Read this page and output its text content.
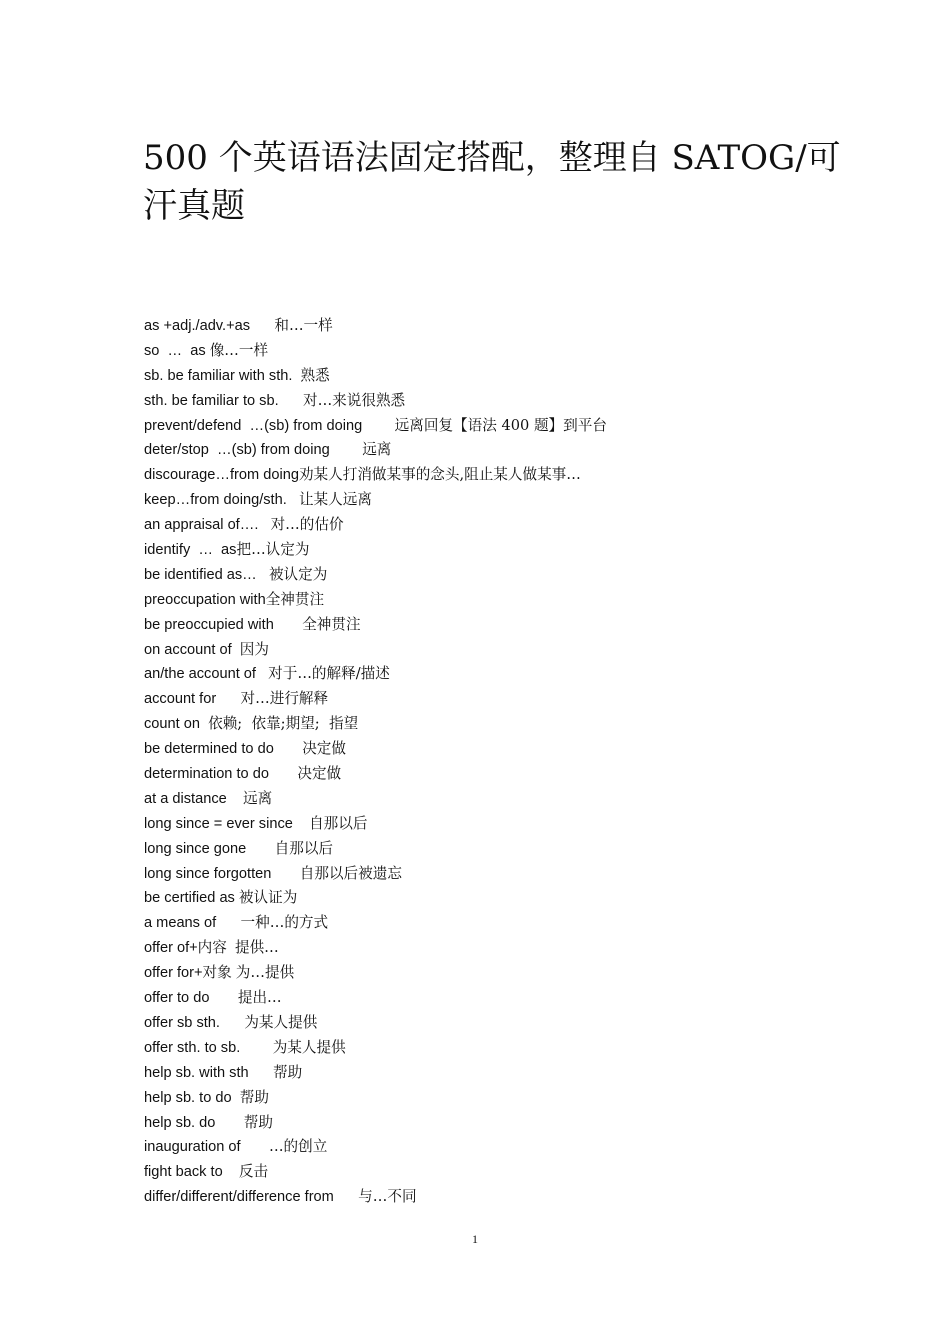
500 个英语语法固定搭配，整理自 SATOG/可
汗真题
as +adj./adv.+as 和…一样
so  …  as 像…一样
sb. be familiar with sth. 熟悉
sth. be familiar to sb. 对…来说很熟悉
prevent/defend  …(sb) from doing 远离回复【语法 400 题】到平台
deter/stop  …(sb) from doing 远离
discourage…from doing劝某人打消做某事的念头,阻止某人做某事…
keep…from doing/sth. 让某人远离
an appraisal of…. 对…的估价
identify  …  as把…认定为
be identified as… 被认定为
preoccupation with全神贯注
be preoccupied with 全神贯注
on account of 因为
an/the account of 对于…的解释/描述
account for 对…进行解释
count on 依赖;  依靠;期望;  指望
be determined to do 决定做
determination to do 决定做
at a distance 远离
long since = ever since 自那以后
long since gone 自那以后
long since forgotten 自那以后被遗忘
be certified as 被认证为
a means of 一种…的方式
offer of+内容 提供…
offer for+对象 为…提供
offer to do 提出…
offer sb sth. 为某人提供
offer sth. to sb. 为某人提供
help sb. with sth 帮助
help sb. to do 帮助
help sb. do 帮助
inauguration of …的创立
fight back to 反击
differ/different/difference from 与…不同
1
